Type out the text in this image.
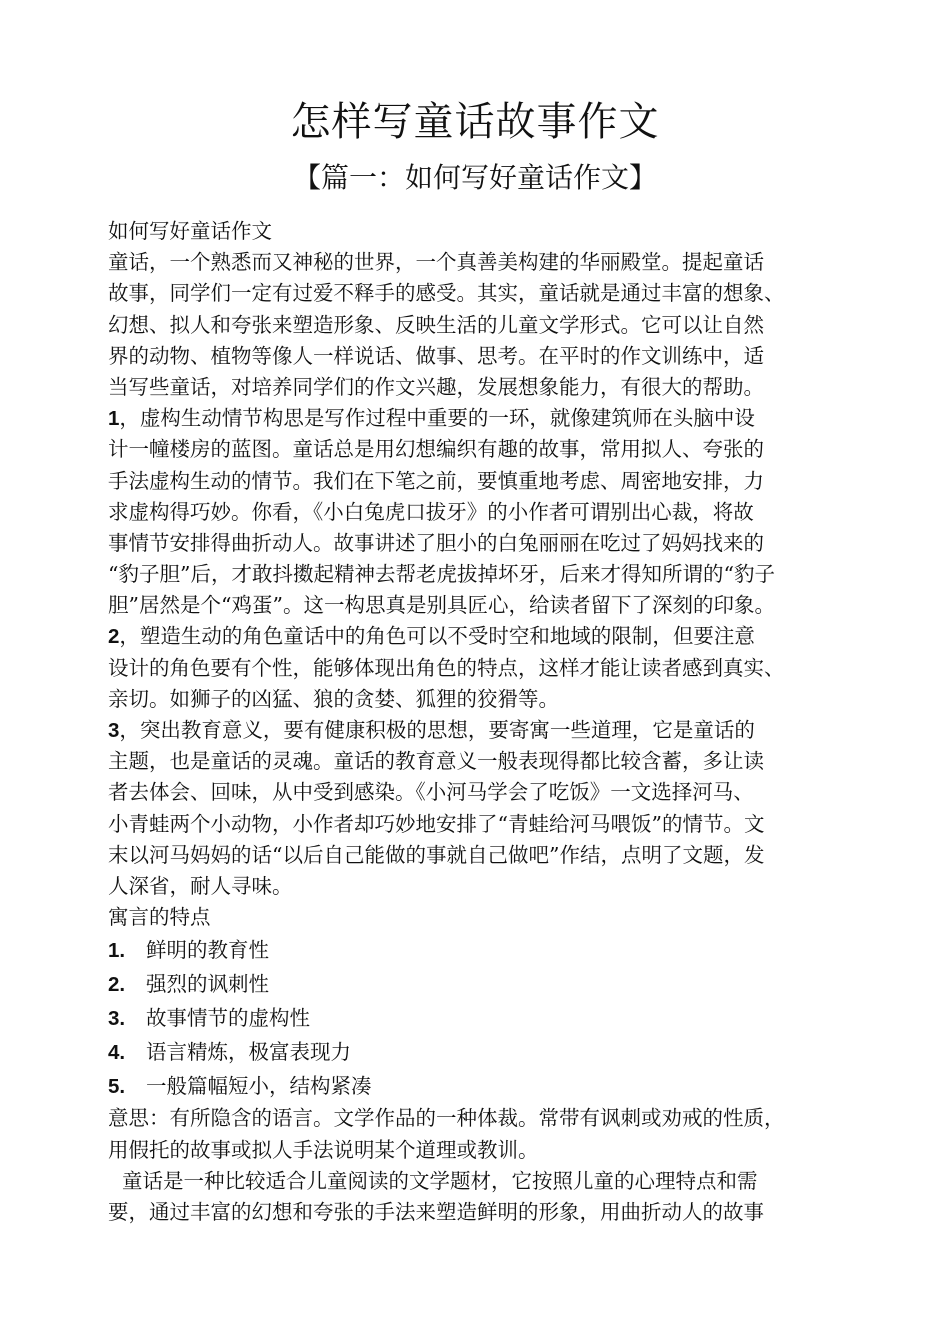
怎样写童话故事作文
【篇一：如何写好童话作文】
如何写好童话作文
童话，一个熟悉而又神秘的世界，一个真善美构建的华丽殿堂。提起童话
故事，同学们一定有过爱不释手的感受。其实，童话就是通过丰富的想象、
幻想、拟人和夸张来塑造形象、反映生活的儿童文学形式。它可以让自然
界的动物、植物等像人一样说话、做事、思考。在平时的作文训练中，适
当写些童话，对培养同学们的作文兴趣，发展想象能力，有很大的帮助。
1，虚构生动情节构思是写作过程中重要的一环，就像建筑师在头脑中设
计一幢楼房的蓝图。童话总是用幻想编织有趣的故事，常用拟人、夸张的
手法虚构生动的情节。我们在下笔之前，要慎重地考虑、周密地安排，力
求虚构得巧妙。你看，《小白兔虎口拔牙》的小作者可谓别出心裁，将故
事情节安排得曲折动人。故事讲述了胆小的白兔丽丽在吃过了妈妈找来的
“豹子胆”后，才敢抖擞起精神去帮老虎拔掉坏牙，后来才得知所谓的“豹子
胆”居然是个“鸡蛋”。这一构思真是别具匠心，给读者留下了深刻的印象。
2，塑造生动的角色童话中的角色可以不受时空和地域的限制，但要注意
设计的角色要有个性，能够体现出角色的特点，这样才能让读者感到真实、
亲切。如狮子的凶猛、狼的贪婪、狐狸的狡猾等。
3，突出教育意义，要有健康积极的思想，要寄寓一些道理，它是童话的
主题，也是童话的灵魂。童话的教育意义一般表现得都比较含蓄，多让读
者去体会、回味，从中受到感染。《小河马学会了吃饭》一文选择河马、
小青蛙两个小动物，小作者却巧妙地安排了“青蛙给河马喂饭”的情节。文
末以河马妈妈的话“以后自己能做的事就自己做吧”作结，点明了文题，发
人深省，耐人寻味。
寓言的特点
1. 鲜明的教育性
2. 强烈的讽刺性
3. 故事情节的虚构性
4. 语言精炼，极富表现力
5. 一般篇幅短小，结构紧凑
意思：有所隐含的语言。文学作品的一种体裁。常带有讽刺或劝戒的性质，
用假托的故事或拟人手法说明某个道理或教训。
童话是一种比较适合儿童阅读的文学题材，它按照儿童的心理特点和需
要，通过丰富的幻想和夸张的手法来塑造鲜明的形象，用曲折动人的故事
